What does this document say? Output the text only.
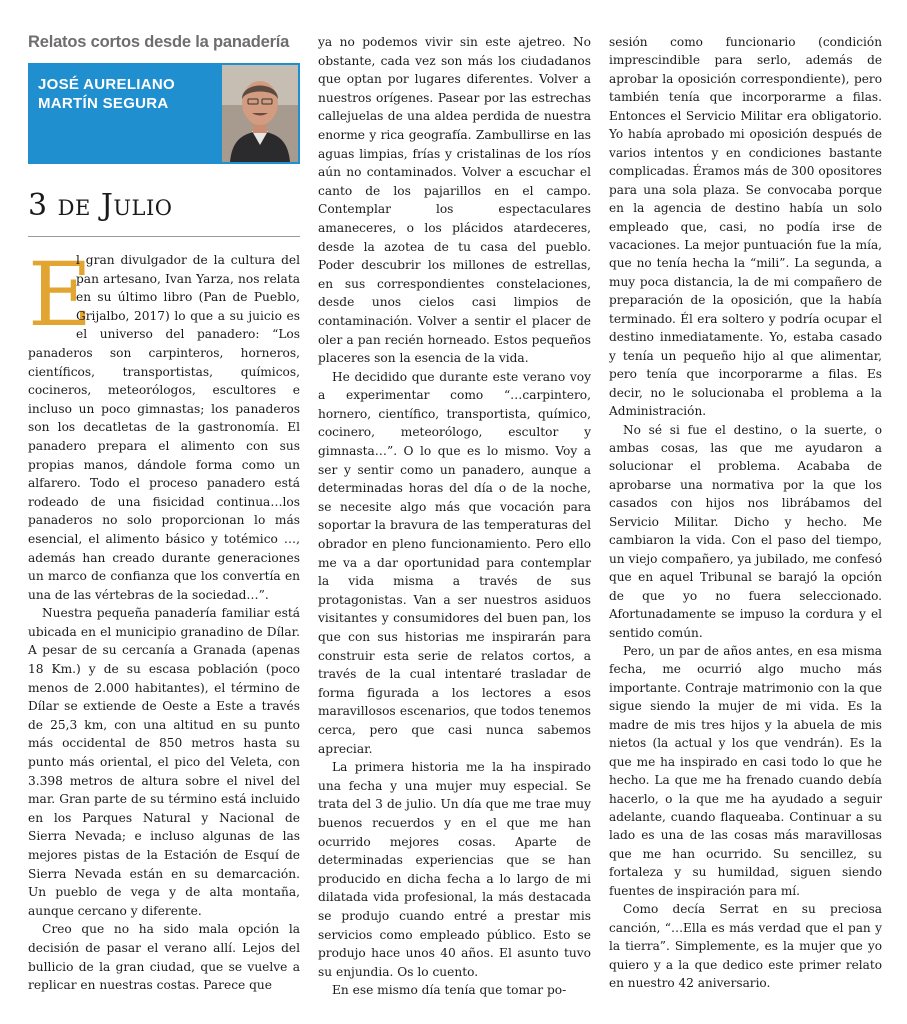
Relatos cortos desde la panadería
JOSÉ AURELIANO
MARTÍN SEGURA
3 de Julio

E
l gran divulgador de la cultura del pan artesano, Ivan Yarza, nos relata en su último libro (Pan de Pueblo, Grijalbo, 2017) lo que a su juicio es el universo del panadero: “Los panaderos son carpinteros, horneros, científicos, transportistas, químicos, cocineros, meteorólogos, escultores e incluso un poco gimnastas; los panaderos son los decatletas de la gastronomía. El panadero prepara el alimento con sus propias manos, dándole forma como un alfarero. Todo el proceso panadero está rodeado de una fisicidad continua…los panaderos no solo proporcionan lo más esencial, el alimento básico y totémico …, además han creado durante generaciones un marco de confianza que los convertía en una de las vértebras de la sociedad…”.

Nuestra pequeña panadería familiar está ubicada en el municipio granadino de Dílar. A pesar de su cercanía a Granada (apenas 18 Km.) y de su escasa población (poco menos de 2.000 habitantes), el término de Dílar se extiende de Oeste a Este a través de 25,3 km, con una altitud en su punto más occidental de 850 metros hasta su punto más oriental, el pico del Veleta, con 3.398 metros de altura sobre el nivel del mar. Gran parte de su término está incluido en los Parques Natural y Nacional de Sierra Nevada; e incluso algunas de las mejores pistas de la Estación de Esquí de Sierra Nevada están en su demarcación. Un pueblo de vega y de alta montaña, aunque cercano y diferente.

Creo que no ha sido mala opción la decisión de pasar el verano allí. Lejos del bullicio de la gran ciudad, que se vuelve a replicar en nuestras costas. Parece que

ya no podemos vivir sin este ajetreo. No obstante, cada vez son más los ciudadanos que optan por lugares diferentes. Volver a nuestros orígenes. Pasear por las estrechas callejuelas de una aldea perdida de nuestra enorme y rica geografía. Zambullirse en las aguas limpias, frías y cristalinas de los ríos aún no contaminados. Volver a escuchar el canto de los pajarillos en el campo. Contemplar los espectaculares amaneceres, o los plácidos atardeceres, desde la azotea de tu casa del pueblo. Poder descubrir los millones de estrellas, en sus correspondientes constelaciones, desde unos cielos casi limpios de contaminación. Volver a sentir el placer de oler a pan recién horneado. Estos pequeños placeres son la esencia de la vida.

He decidido que durante este verano voy a experimentar como “…carpintero, hornero, científico, transportista, químico, cocinero, meteorólogo, escultor y gimnasta…”. O lo que es lo mismo. Voy a ser y sentir como un panadero, aunque a determinadas horas del día o de la noche, se necesite algo más que vocación para soportar la bravura de las temperaturas del obrador en pleno funcionamiento. Pero ello me va a dar oportunidad para contemplar la vida misma a través de sus protagonistas. Van a ser nuestros asiduos visitantes y consumidores del buen pan, los que con sus historias me inspirarán para construir esta serie de relatos cortos, a través de la cual intentaré trasladar de forma figurada a los lectores a esos maravillosos escenarios, que todos tenemos cerca, pero que casi nunca sabemos apreciar.

La primera historia me la ha inspirado una fecha y una mujer muy especial. Se trata del 3 de julio. Un día que me trae muy buenos recuerdos y en el que me han ocurrido mejores cosas. Aparte de determinadas experiencias que se han producido en dicha fecha a lo largo de mi dilatada vida profesional, la más destacada se produjo cuando entré a prestar mis servicios como empleado público. Esto se produjo hace unos 40 años. El asunto tuvo su enjundia. Os lo cuento.

En ese mismo día tenía que tomar po-

sesión como funcionario (condición imprescindible para serlo, además de aprobar la oposición correspondiente), pero también tenía que incorporarme a filas. Entonces el Servicio Militar era obligatorio. Yo había aprobado mi oposición después de varios intentos y en condiciones bastante complicadas. Éramos más de 300 opositores para una sola plaza. Se convocaba porque en la agencia de destino había un solo empleado que, casi, no podía irse de vacaciones. La mejor puntuación fue la mía, que no tenía hecha la “mili”. La segunda, a muy poca distancia, la de mi compañero de preparación de la oposición, que la había terminado. Él era soltero y podría ocupar el destino inmediatamente. Yo, estaba casado y tenía un pequeño hijo al que alimentar, pero tenía que incorporarme a filas. Es decir, no le solucionaba el problema a la Administración.

No sé si fue el destino, o la suerte, o ambas cosas, las que me ayudaron a solucionar el problema. Acababa de aprobarse una normativa por la que los casados con hijos nos librábamos del Servicio Militar. Dicho y hecho. Me cambiaron la vida. Con el paso del tiempo, un viejo compañero, ya jubilado, me confesó que en aquel Tribunal se barajó la opción de que yo no fuera seleccionado. Afortunadamente se impuso la cordura y el sentido común.

Pero, un par de años antes, en esa misma fecha, me ocurrió algo mucho más importante. Contraje matrimonio con la que sigue siendo la mujer de mi vida. Es la madre de mis tres hijos y la abuela de mis nietos (la actual y los que vendrán). Es la que me ha inspirado en casi todo lo que he hecho. La que me ha frenado cuando debía hacerlo, o la que me ha ayudado a seguir adelante, cuando flaqueaba. Continuar a su lado es una de las cosas más maravillosas que me han ocurrido. Su sencillez, su fortaleza y su humildad, siguen siendo fuentes de inspiración para mí.

Como decía Serrat en su preciosa canción, “…Ella es más verdad que el pan y la tierra”. Simplemente, es la mujer que yo quiero y a la que dedico este primer relato en nuestro 42 aniversario.
